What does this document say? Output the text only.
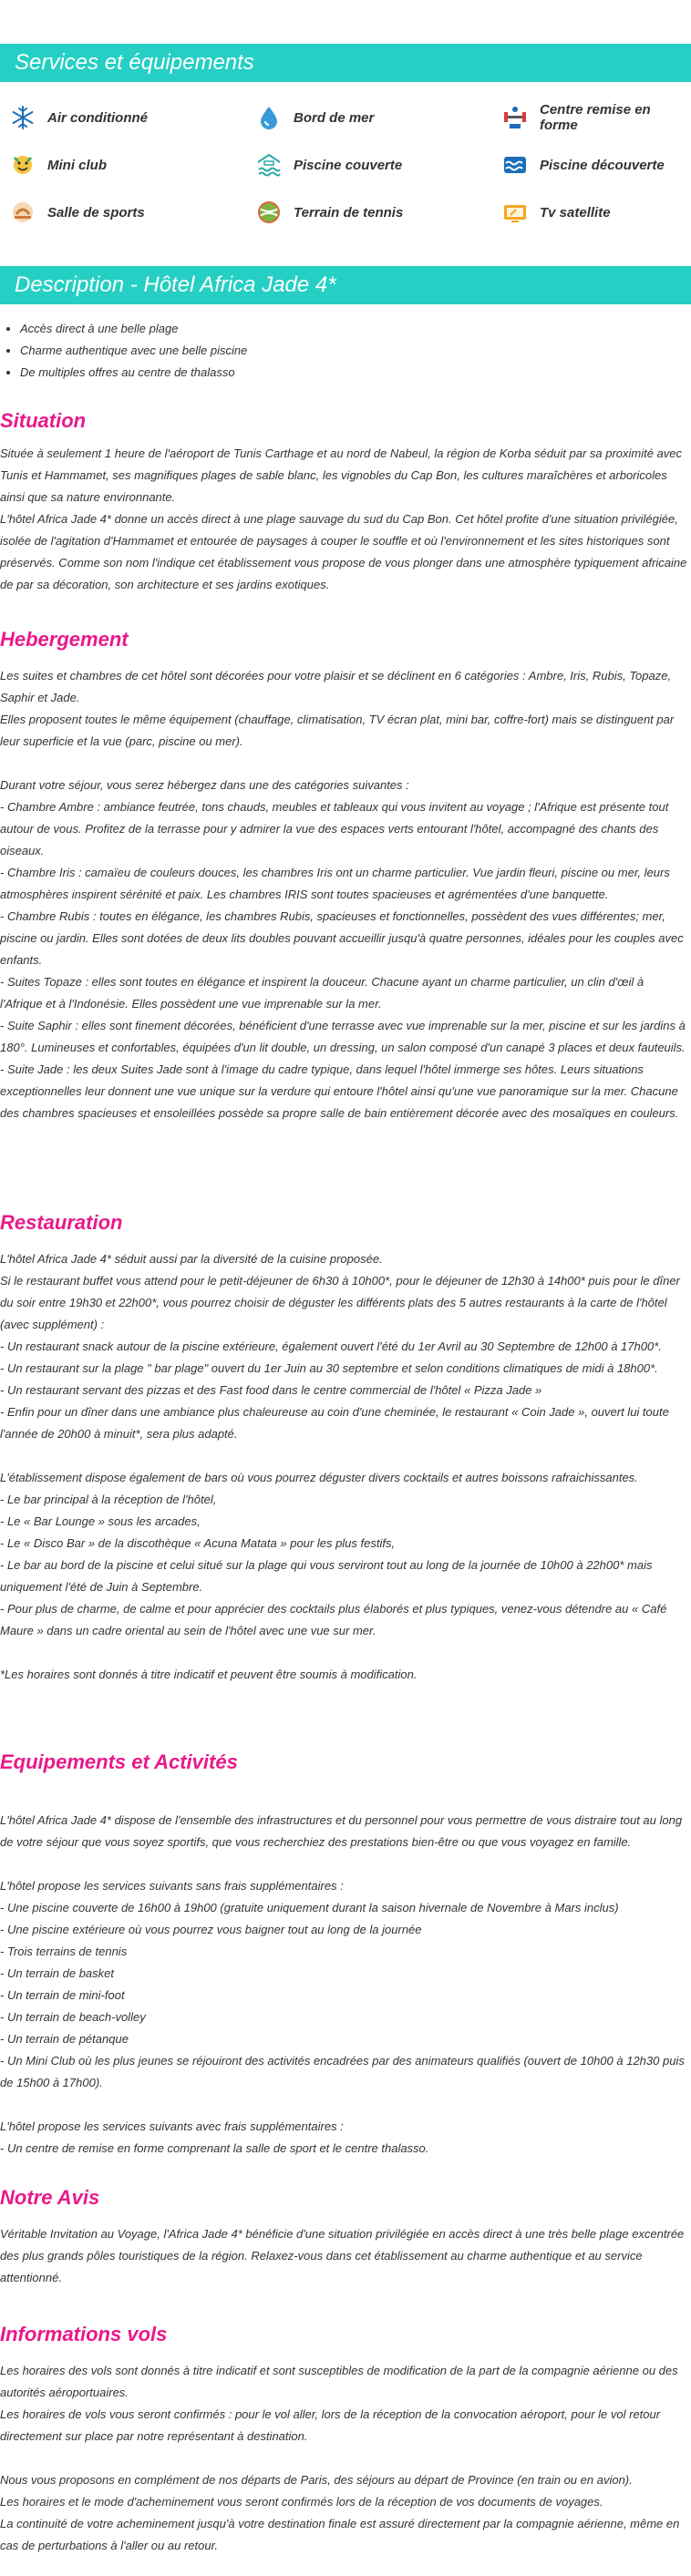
Services et équipements
Air conditionné	Bord de mer	Centre remise en forme
Mini club	Piscine couverte	Piscine découverte
Salle de sports	Terrain de tennis	Tv satellite
Description - Hôtel Africa Jade 4*
• Accès direct à une belle plage
• Charme authentique avec une belle piscine
• De multiples offres au centre de thalasso
Situation

Située à seulement 1 heure de l'aéroport de Tunis Carthage et au nord de Nabeul, la région de Korba séduit par sa proximité avec Tunis et Hammamet, ses magnifiques plages de sable blanc, les vignobles du Cap Bon, les cultures maraîchères et arboricoles ainsi que sa nature environnante.

L'hôtel Africa Jade 4* donne un accès direct à une plage sauvage du sud du Cap Bon. Cet hôtel profite d'une situation privilégiée, isolée de l'agitation d'Hammamet et entourée de paysages à couper le souffle et où l'environnement et les sites historiques sont préservés. Comme son nom l'indique cet établissement vous propose de vous plonger dans une atmosphère typiquement africaine de par sa décoration, son architecture et ses jardins exotiques.

Hebergement

Les suites et chambres de cet hôtel sont décorées pour votre plaisir et se déclinent en 6 catégories : Ambre, Iris, Rubis, Topaze, Saphir et Jade.

Elles proposent toutes le même équipement (chauffage, climatisation, TV écran plat, mini bar, coffre-fort) mais se distinguent par leur superficie et la vue (parc, piscine ou mer).

Durant votre séjour, vous serez hébergez dans une des catégories suivantes :

- Chambre Ambre : ambiance feutrée, tons chauds, meubles et tableaux qui vous invitent au voyage ; l'Afrique est présente tout autour de vous. Profitez de la terrasse pour y admirer la vue des espaces verts entourant l'hôtel, accompagné des chants des oiseaux.

- Chambre Iris : camaïeu de couleurs douces, les chambres Iris ont un charme particulier. Vue jardin fleuri, piscine ou mer, leurs atmosphères inspirent sérénité et paix. Les chambres IRIS sont toutes spacieuses et agrémentées d'une banquette.

- Chambre Rubis : toutes en élégance, les chambres Rubis, spacieuses et fonctionnelles, possèdent des vues différentes; mer, piscine ou jardin. Elles sont dotées de deux lits doubles pouvant accueillir jusqu'à quatre personnes, idéales pour les couples avec enfants.

- Suites Topaze : elles sont toutes en élégance et inspirent la douceur. Chacune ayant un charme particulier, un clin d'œil à l'Afrique et à l'Indonésie. Elles possèdent une vue imprenable sur la mer.

- Suite Saphir : elles sont finement décorées, bénéficient d'une terrasse avec vue imprenable sur la mer, piscine et sur les jardins à 180°. Lumineuses et confortables, équipées d'un lit double, un dressing, un salon composé d'un canapé 3 places et deux fauteuils.

- Suite Jade : les deux Suites Jade sont à l'image du cadre typique, dans lequel l'hôtel immerge ses hôtes. Leurs situations exceptionnelles leur donnent une vue unique sur la verdure qui entoure l'hôtel ainsi qu'une vue panoramique sur la mer. Chacune des chambres spacieuses et ensoleillées possède sa propre salle de bain entièrement décorée avec des mosaïques en couleurs.

Restauration

L'hôtel Africa Jade 4* séduit aussi par la diversité de la cuisine proposée.

Si le restaurant buffet vous attend pour le petit-déjeuner de 6h30 à 10h00*, pour le déjeuner de 12h30 à 14h00* puis pour le dîner du soir entre 19h30 et 22h00*, vous pourrez choisir de déguster les différents plats des 5 autres restaurants à la carte de l'hôtel (avec supplément) :

- Un restaurant snack autour de la piscine extérieure, également ouvert l'été du 1er Avril au 30 Septembre de 12h00 à 17h00*.

- Un restaurant sur la plage " bar plage" ouvert du 1er Juin au 30 septembre et selon conditions climatiques de midi à 18h00*.

- Un restaurant servant des pizzas et des Fast food dans le centre commercial de l'hôtel « Pizza Jade »

- Enfin pour un dîner dans une ambiance plus chaleureuse au coin d'une cheminée, le restaurant « Coin Jade », ouvert lui toute l'année de 20h00 à minuit*, sera plus adapté.

L'établissement dispose également de bars où vous pourrez déguster divers cocktails et autres boissons rafraichissantes.

- Le bar principal à la réception de l'hôtel,

- Le « Bar Lounge » sous les arcades,

- Le « Disco Bar » de la discothèque « Acuna Matata » pour les plus festifs,

- Le bar au bord de la piscine et celui situé sur la plage qui vous serviront tout au long de la journée de 10h00 à 22h00* mais uniquement l'été de Juin à Septembre.

- Pour plus de charme, de calme et pour apprécier des cocktails plus élaborés et plus typiques, venez-vous détendre au « Café Maure » dans un cadre oriental au sein de l'hôtel avec une vue sur mer.

*Les horaires sont donnés à titre indicatif et peuvent être soumis à modification.

Equipements et Activités

L'hôtel Africa Jade 4* dispose de l'ensemble des infrastructures et du personnel pour vous permettre de vous distraire tout au long de votre séjour que vous soyez sportifs, que vous recherchiez des prestations bien-être ou que vous voyagez en famille.

L'hôtel propose les services suivants sans frais supplémentaires :

- Une piscine couverte de 16h00 à 19h00 (gratuite uniquement durant la saison hivernale de Novembre à Mars inclus)

- Une piscine extérieure où vous pourrez vous baigner tout au long de la journée

- Trois terrains de tennis

- Un terrain de basket

- Un terrain de mini-foot

- Un terrain de beach-volley

- Un terrain de pétanque

- Un Mini Club où les plus jeunes se réjouiront des activités encadrées par des animateurs qualifiés (ouvert de 10h00 à 12h30 puis de 15h00 à 17h00).

L'hôtel propose les services suivants avec frais supplémentaires :

- Un centre de remise en forme comprenant la salle de sport et le centre thalasso.

Notre Avis

Véritable Invitation au Voyage, l'Africa Jade 4* bénéficie d'une situation privilégiée en accès direct à une très belle plage excentrée des plus grands pôles touristiques de la région. Relaxez-vous dans cet établissement au charme authentique et au service attentionné.

Informations vols

Les horaires des vols sont donnés à titre indicatif et sont susceptibles de modification de la part de la compagnie aérienne ou des autorités aéroportuaires.

Les horaires de vols vous seront confirmés : pour le vol aller, lors de la réception de la convocation aéroport, pour le vol retour directement sur place par notre représentant à destination.

Nous vous proposons en complément de nos départs de Paris, des séjours au départ de Province (en train ou en avion).

Les horaires et le mode d'acheminement vous seront confirmés lors de la réception de vos documents de voyages.

La continuité de votre acheminement jusqu'à votre destination finale est assuré directement par la compagnie aérienne, même en cas de perturbations à l'aller ou au retour.
